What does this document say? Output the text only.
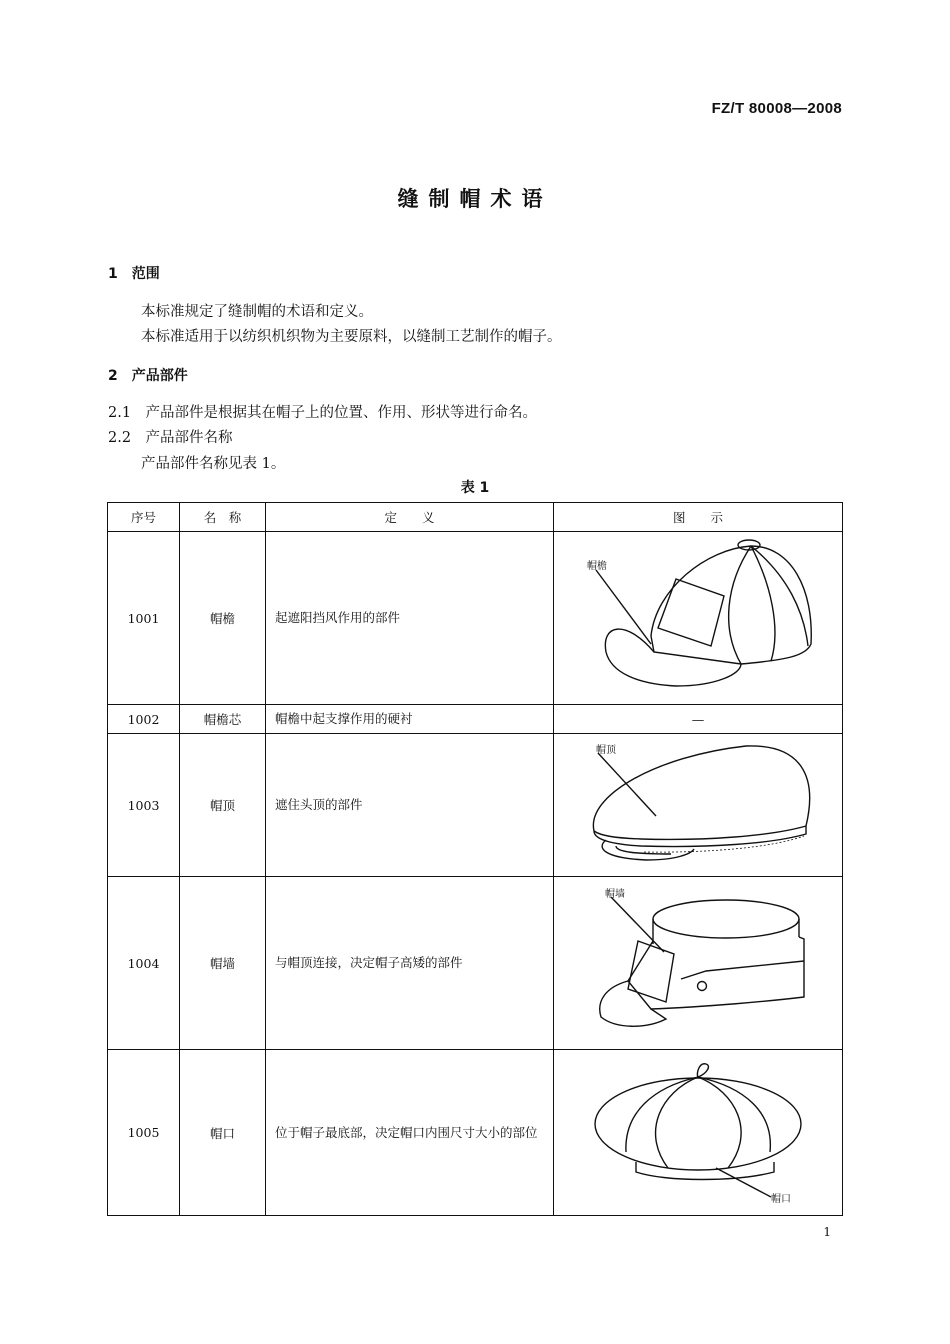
FZ/T 80008—2008
缝制帽术语
1　范围
本标准规定了缝制帽的术语和定义。
本标准适用于以纺织机织物为主要原料，以缝制工艺制作的帽子。
2　产品部件
2.1　产品部件是根据其在帽子上的位置、作用、形状等进行命名。
2.2　产品部件名称
产品部件名称见表 1。
表 1
序号	名　称	定　　义	图　　示
1001	帽檐	起遮阳挡风作用的部件	帽檐

1002	帽檐芯	帽檐中起支撑作用的硬衬	—
1003	帽顶	遮住头顶的部件	帽顶

1004	帽墙	与帽顶连接，决定帽子高矮的部件	帽墙

1005	帽口	位于帽子最底部，决定帽口内围尺寸大小的部位	帽口
1
